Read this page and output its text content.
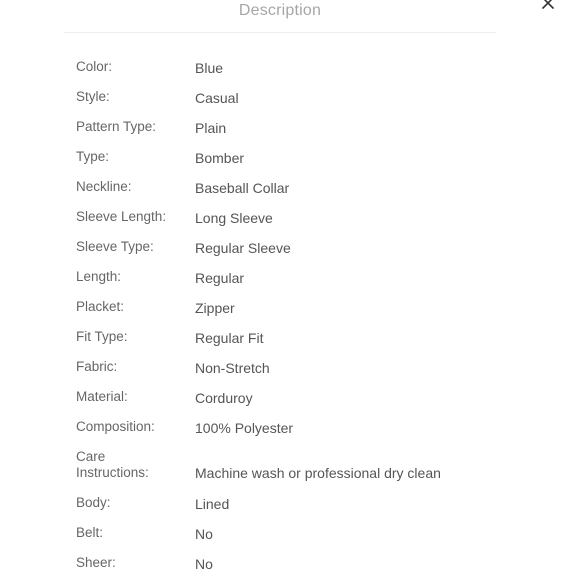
Description
Color:	Blue
Style:	Casual
Pattern Type:	Plain
Type:	Bomber
Neckline:	Baseball Collar
Sleeve Length:	Long Sleeve
Sleeve Type:	Regular Sleeve
Length:	Regular
Placket:	Zipper
Fit Type:	Regular Fit
Fabric:	Non-Stretch
Material:	Corduroy
Composition:	100% Polyester
Care
Instructions:	Machine wash or professional dry clean
Body:	Lined
Belt:	No
Sheer:	No
